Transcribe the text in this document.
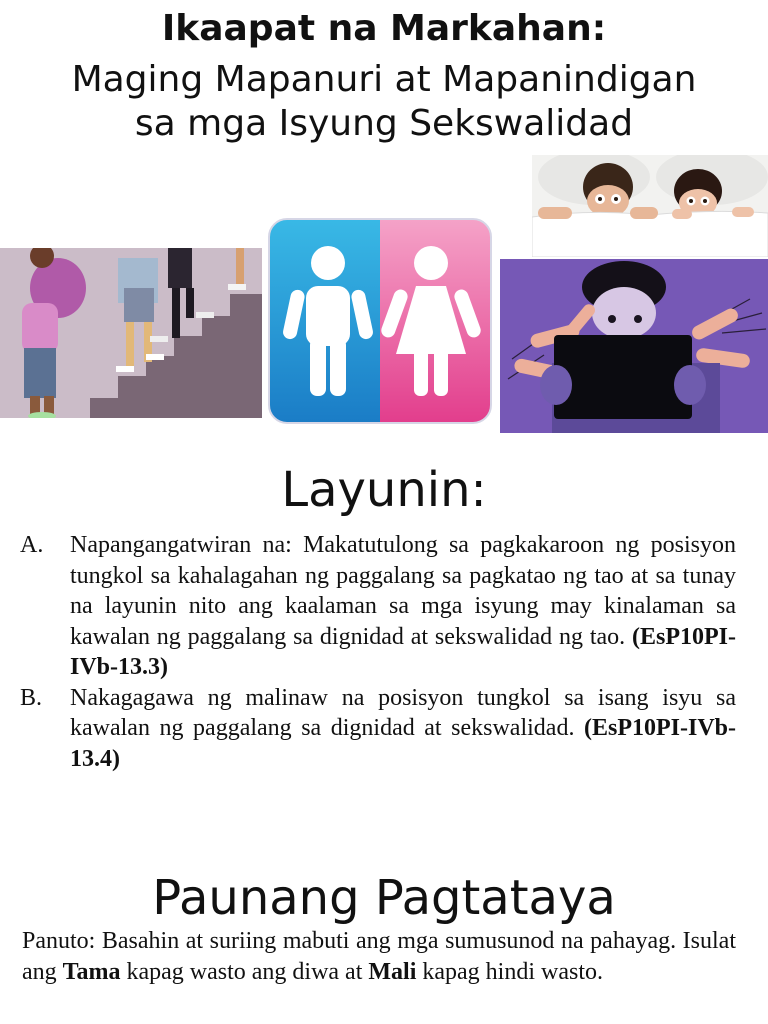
Ikaapat na Markahan:
Maging Mapanuri at Mapanindigan
sa mga Isyung Sekswalidad
Layunin:
A.	Napangangatwiran na: Makatutulong sa pagkakaroon ng posisyon tungkol sa kahalagahan ng paggalang sa pagkatao ng tao at sa tunay na layunin nito ang kaalaman sa mga isyung may kinalaman sa kawalan ng paggalang sa dignidad at sekswalidad ng tao. (EsP10PI-IVb-13.3)
B.	Nakagagawa ng malinaw na posisyon tungkol sa isang isyu sa kawalan ng paggalang sa dignidad at sekswalidad. (EsP10PI-IVb-13.4)
Paunang Pagtataya
Panuto: Basahin at suriing mabuti ang mga sumusunod na pahayag. Isulat ang Tama kapag wasto ang diwa at Mali kapag hindi wasto.
